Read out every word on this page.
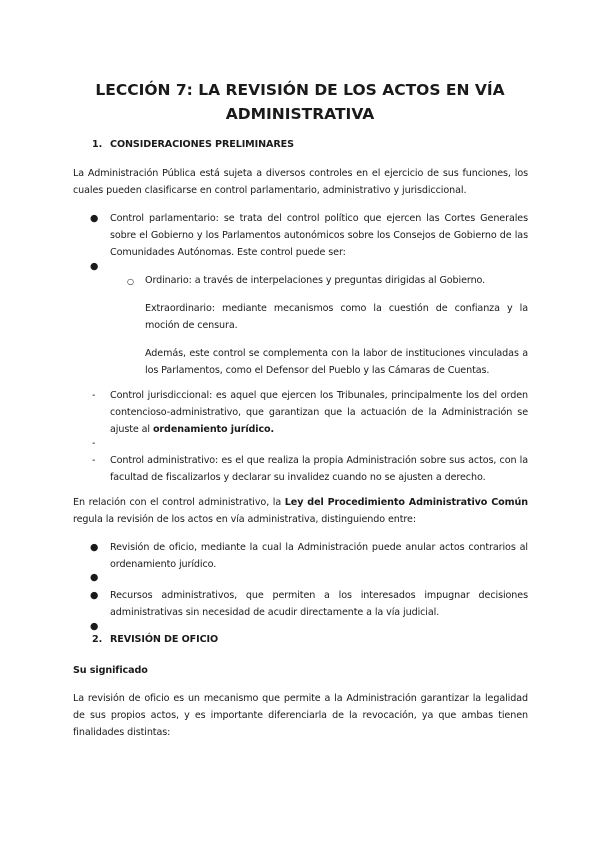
LECCIÓN 7: LA REVISIÓN DE LOS ACTOS EN VÍA ADMINISTRATIVA
1. CONSIDERACIONES PRELIMINARES

La Administración Pública está sujeta a diversos controles en el ejercicio de sus funciones, los cuales pueden clasificarse en control parlamentario, administrativo y jurisdiccional.

● Control parlamentario: se trata del control político que ejercen las Cortes Generales sobre el Gobierno y los Parlamentos autonómicos sobre los Consejos de Gobierno de las Comunidades Autónomas. Este control puede ser:

●
○ Ordinario: a través de interpelaciones y preguntas dirigidas al Gobierno.

Extraordinario: mediante mecanismos como la cuestión de confianza y la moción de censura.

Además, este control se complementa con la labor de instituciones vinculadas a los Parlamentos, como el Defensor del Pueblo y las Cámaras de Cuentas.

- Control jurisdiccional: es aquel que ejercen los Tribunales, principalmente los del orden contencioso-administrativo, que garantizan que la actuación de la Administración se ajuste al ordenamiento jurídico.

-
- Control administrativo: es el que realiza la propia Administración sobre sus actos, con la facultad de fiscalizarlos y declarar su invalidez cuando no se ajusten a derecho.

En relación con el control administrativo, la Ley del Procedimiento Administrativo Común regula la revisión de los actos en vía administrativa, distinguiendo entre:

● Revisión de oficio, mediante la cual la Administración puede anular actos contrarios al ordenamiento jurídico.

●
● Recursos administrativos, que permiten a los interesados impugnar decisiones administrativas sin necesidad de acudir directamente a la vía judicial.

●
2. REVISIÓN DE OFICIO

Su significado

La revisión de oficio es un mecanismo que permite a la Administración garantizar la legalidad de sus propios actos, y es importante diferenciarla de la revocación, ya que ambas tienen finalidades distintas:
